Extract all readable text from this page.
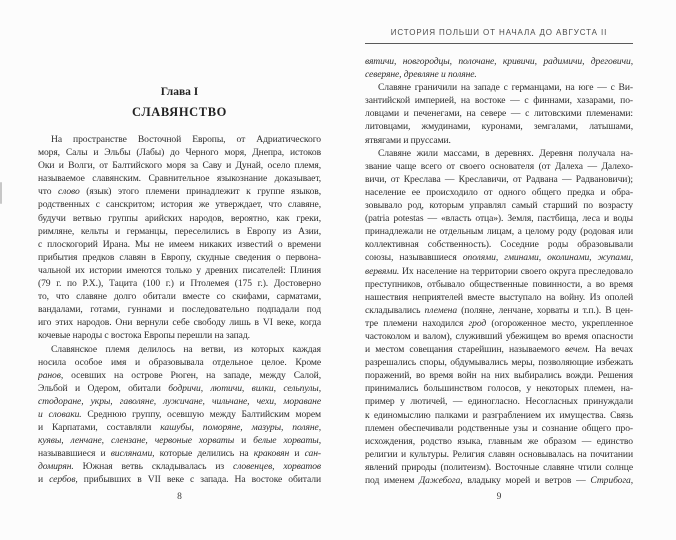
Глава I
СЛАВЯНСТВО
На пространстве Восточной Европы, от Адриатического
моря, Салы и Эльбы (Лабы) до Черного моря, Днепра, истоков
Оки и Волги, от Балтийского моря за Саву и Дунай, осело племя,
называемое славянским. Сравнительное языкознание доказывает,
что слово (язык) этого племени принадлежит к группе языков,
родственных с санскритом; история же утверждает, что славяне,
будучи ветвью группы арийских народов, вероятно, как греки,
римляне, кельты и германцы, переселились в Европу из Азии,
с плоскогорий Ирана. Мы не имеем никаких известий о времени
прибытия предков славян в Европу, скудные сведения о первона-
чальной их истории имеются только у древних писателей: Плиния
(79 г. по Р.Х.), Тацита (100 г.) и Птолемея (175 г.). Достоверно
то, что славяне долго обитали вместе со скифами, сарматами,
вандалами, готами, гуннами и последовательно подпадали под
иго этих народов. Они вернули себе свободу лишь в VI веке, когда
кочевые народы с востока Европы перешли на запад.
Славянское племя делилось на ветви, из которых каждая
носила особое имя и образовывала отдельное целое. Кроме
ранов, осевших на острове Рюген, на западе, между Салой,
Эльбой и Одером, обитали бодричи, лютичи, вилки, сельпулы,
стодоране, укры, гаволяне, лужичане, чильчане, чехи, мораване
и словаки. Среднюю группу, осевшую между Балтийским морем
и Карпатами, составляли кашубы, поморяне, мазуры, поляне,
куявы, ленчане, слензане, червоные хорваты и белые хорваты,
называвшиеся и вислянами, которые делились на краковян и сан-
домирян. Южная ветвь складывалась из словенцев, хорватов
и сербов, прибывших в VII веке с запада. На востоке обитали
8
ИСТОРИЯ ПОЛЬШИ ОТ НАЧАЛА ДО АВГУСТА II
вятичи, новгородцы, полочане, кривичи, радимичи, дреговичи,
северяне, древляне и поляне.
Славяне граничили на западе с германцами, на юге — с Ви-
зантийской империей, на востоке — с финнами, хазарами, по-
ловцами и печенегами, на севере — с литовскими племенами:
литовцами, жмудинами, куронами, земгалами, латышами,
ятвягами и пруссами.
Славяне жили массами, в деревнях. Деревня получала на-
звание чаще всего от своего основателя (от Далеха — Далехо-
вичи, от Креслава — Креславичи, от Радвана — Радвановичи);
население ее происходило от одного общего предка и обра-
зовывало род, которым управлял самый старший по возрасту
(patria potestas — «власть отца»). Земля, пастбища, леса и воды
принадлежали не отдельным лицам, а целому роду (родовая или
коллективная собственность). Соседние роды образовывали
союзы, называвшиеся ополями, гминами, околинами, жупами,
вервями. Их население на территории своего округа преследовало
преступников, отбывало общественные повинности, а во время
нашествия неприятелей вместе выступало на войну. Из ополей
складывались племена (поляне, ленчане, хорваты и т.п.). В цен-
тре племени находился грод (огороженное место, укрепленное
частоколом и валом), служивший убежищем во время опасности
и местом совещания старейшин, называемого вечем. На вечах
разрешались споры, обдумывались меры, позволяющие избежать
поражений, во время войн на них выбирались вожди. Решения
принимались большинством голосов, у некоторых племен, на-
пример у лютичей, — единогласно. Несогласных принуждали
к единомыслию палками и разграблением их имущества. Связь
племен обеспечивали родственные узы и сознание общего про-
исхождения, родство языка, главным же образом — единство
религии и культуры. Религия славян основывалась на почитании
явлений природы (политеизм). Восточные славяне чтили солнце
под именем Дажебога, владыку морей и ветров — Стрибога,
9
